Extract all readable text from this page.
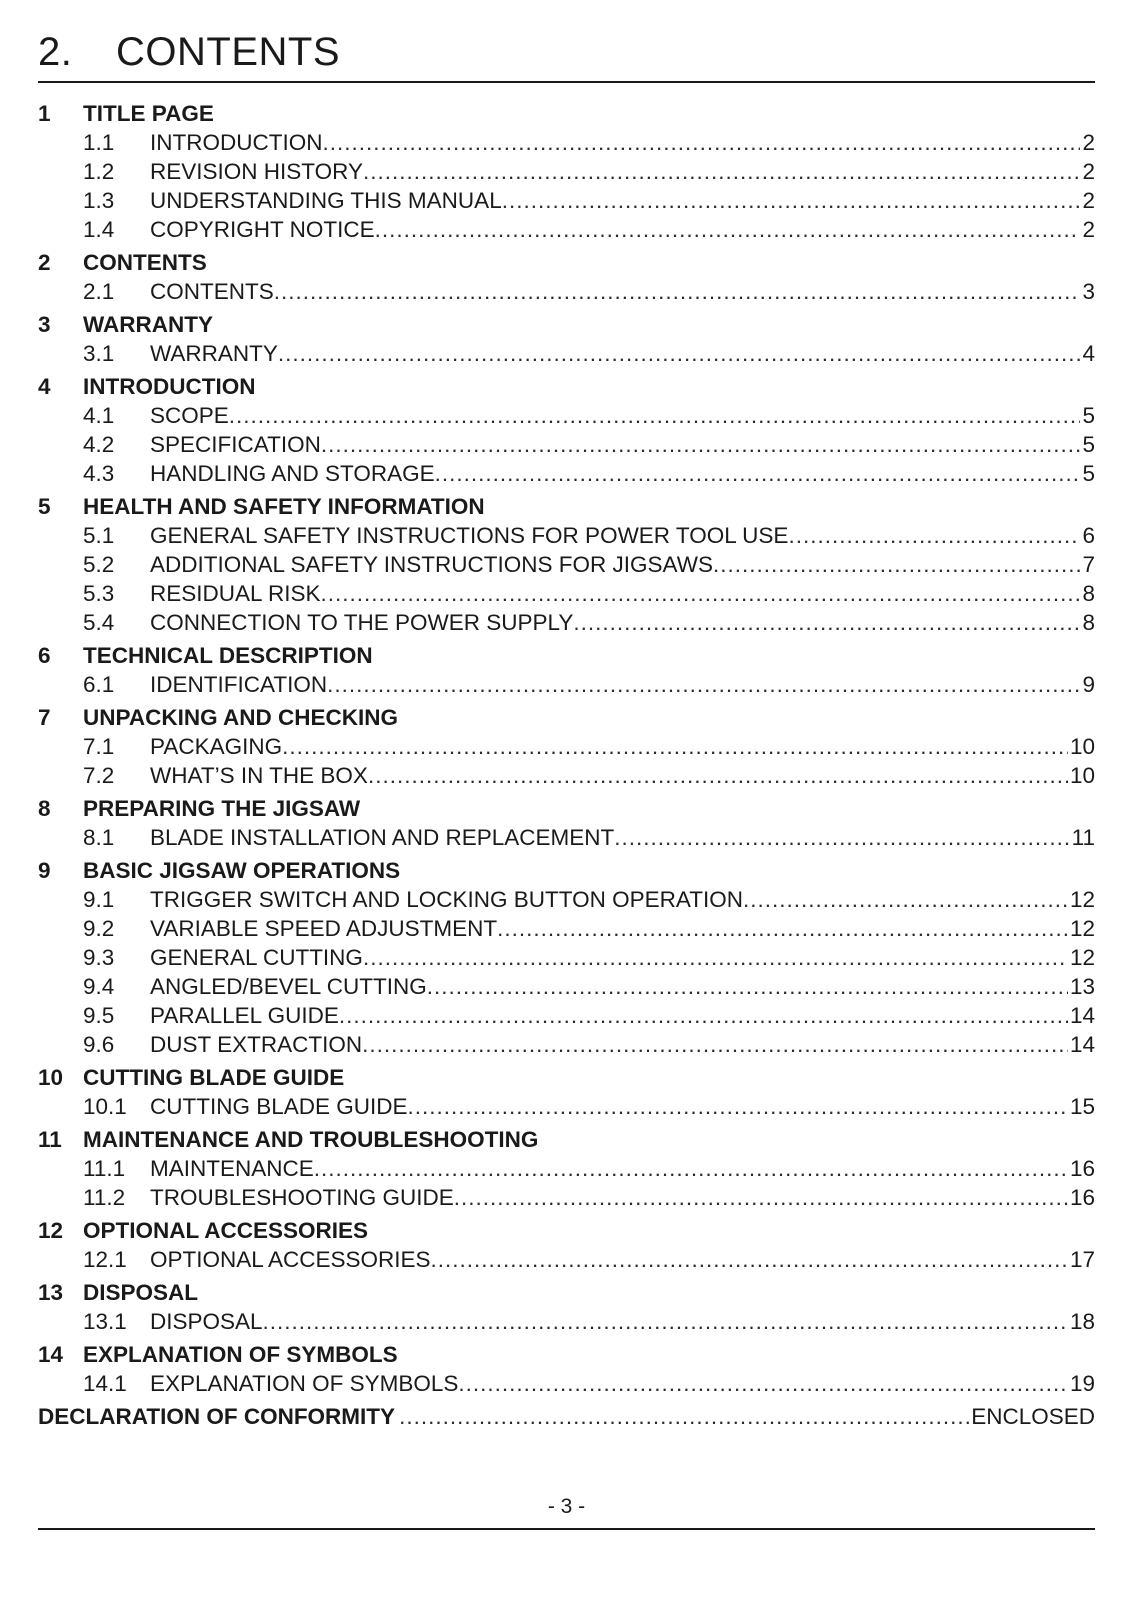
2. CONTENTS
1	TITLE PAGE
1.1	INTRODUCTION .....	2
1.2	REVISION HISTORY .....	2
1.3	UNDERSTANDING THIS MANUAL .....	2
1.4	COPYRIGHT NOTICE .....	2
2	CONTENTS
2.1	CONTENTS .....	3
3	WARRANTY
3.1	WARRANTY .....	4
4	INTRODUCTION
4.1	SCOPE .....	5
4.2	SPECIFICATION .....	5
4.3	HANDLING AND STORAGE .....	5
5	HEALTH AND SAFETY INFORMATION
5.1	GENERAL SAFETY INSTRUCTIONS FOR POWER TOOL USE .....	6
5.2	ADDITIONAL SAFETY INSTRUCTIONS FOR JIGSAWS .....	7
5.3	RESIDUAL RISK .....	8
5.4	CONNECTION TO THE POWER SUPPLY .....	8
6	TECHNICAL DESCRIPTION
6.1	IDENTIFICATION .....	9
7	UNPACKING AND CHECKING
7.1	PACKAGING .....	10
7.2	WHAT’S IN THE BOX .....	10
8	PREPARING THE JIGSAW
8.1	BLADE INSTALLATION AND REPLACEMENT .....	11
9	BASIC JIGSAW OPERATIONS
9.1	TRIGGER SWITCH AND LOCKING BUTTON OPERATION .....	12
9.2	VARIABLE SPEED ADJUSTMENT .....	12
9.3	GENERAL CUTTING .....	12
9.4	ANGLED/BEVEL CUTTING .....	13
9.5	PARALLEL GUIDE .....	14
9.6	DUST EXTRACTION .....	14
10 CUTTING BLADE GUIDE
10.1	CUTTING BLADE GUIDE .....	15
11 MAINTENANCE AND TROUBLESHOOTING
11.1	MAINTENANCE .....	16
11.2	TROUBLESHOOTING GUIDE .....	16
12 OPTIONAL ACCESSORIES
12.1	OPTIONAL ACCESSORIES .....	17
13 DISPOSAL
13.1	DISPOSAL .....	18
14 EXPLANATION OF SYMBOLS
14.1	EXPLANATION OF SYMBOLS .....	19
DECLARATION OF CONFORMITY .....	ENCLOSED
- 3 -
